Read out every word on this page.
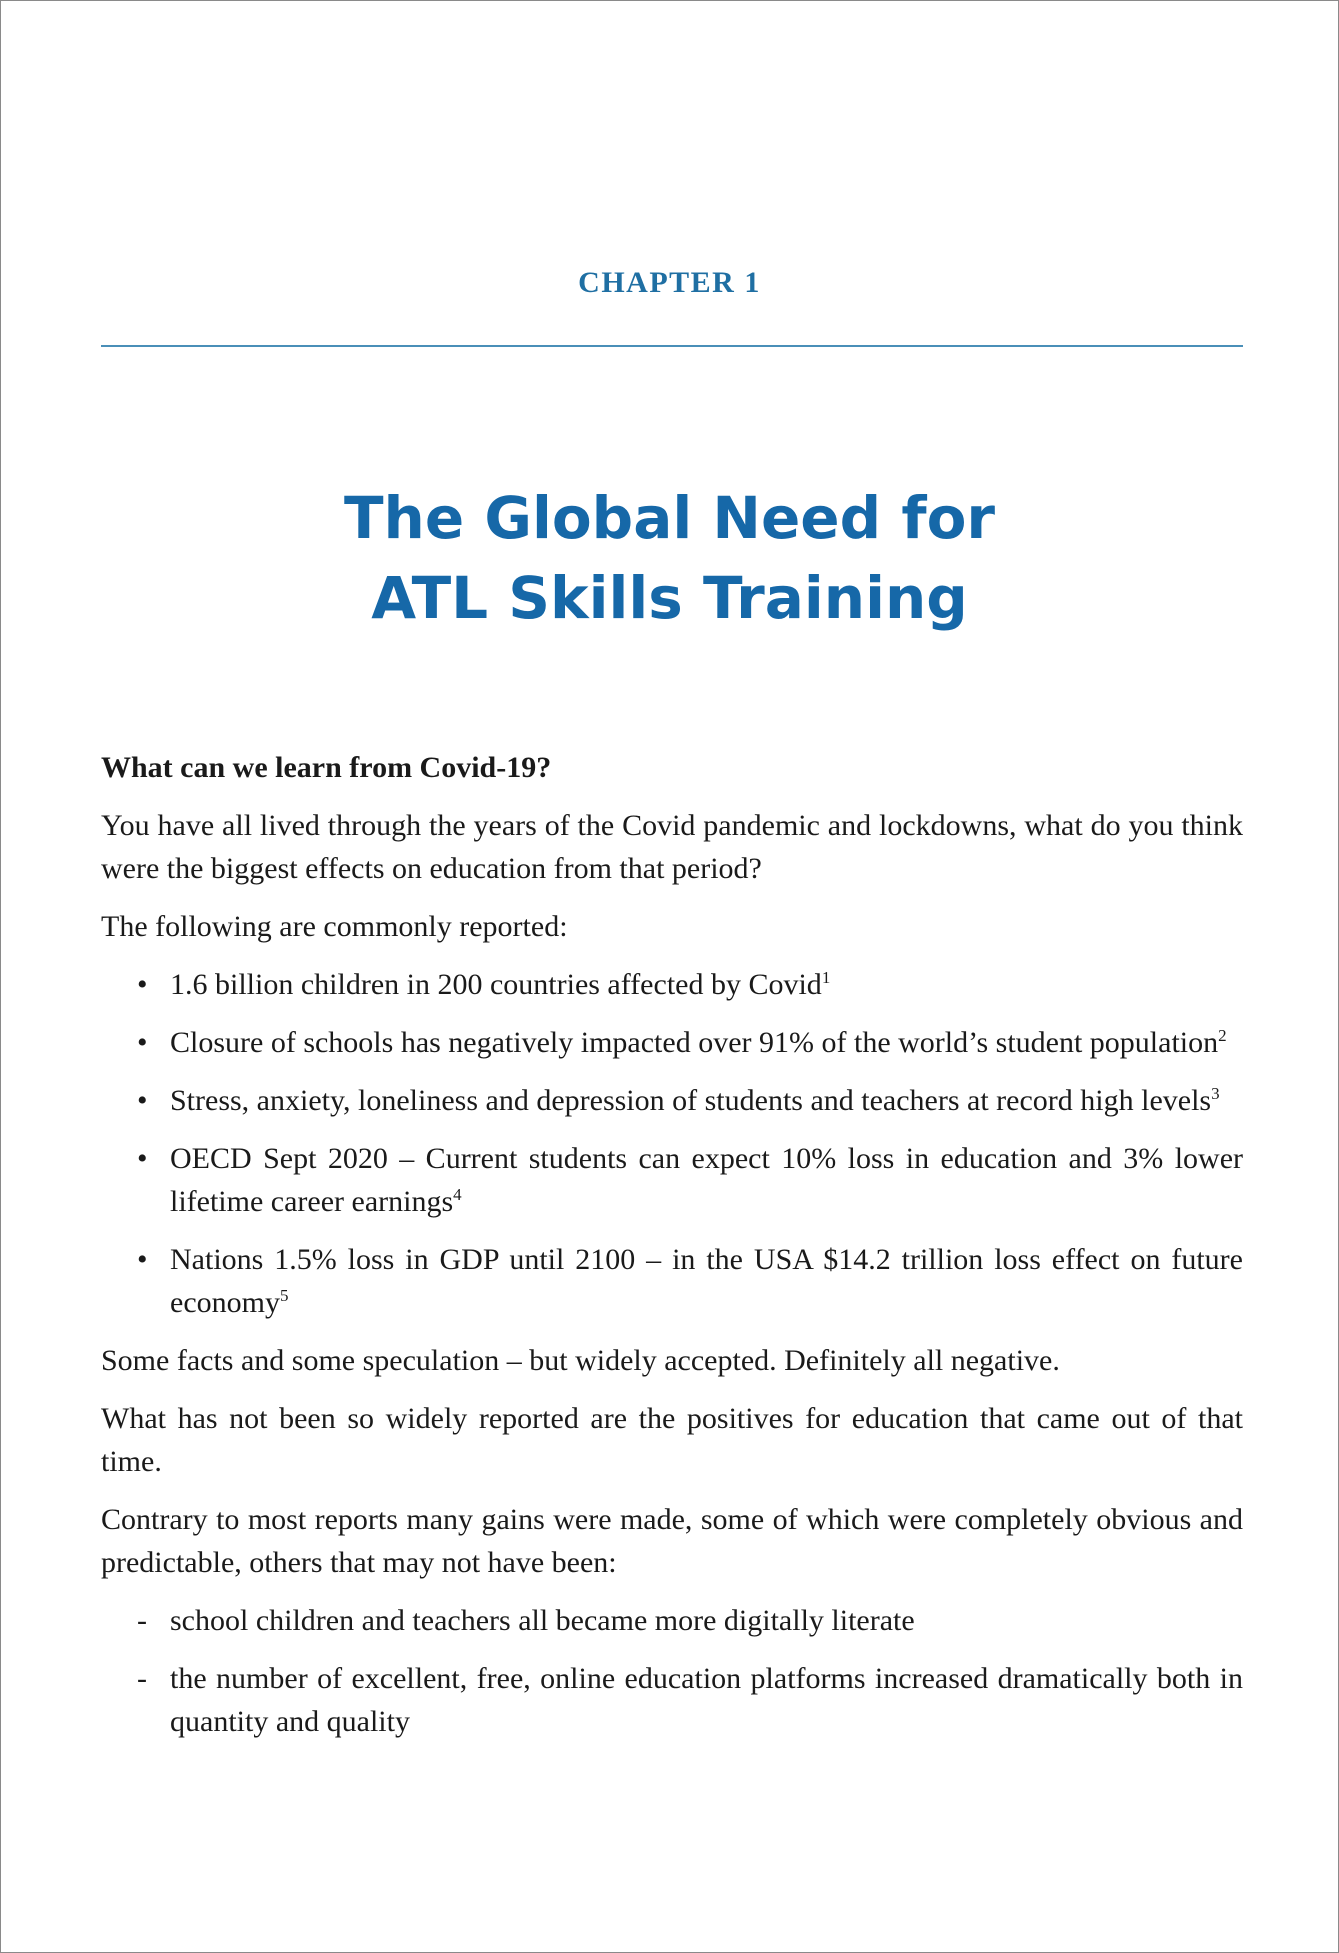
CHAPTER 1
The Global Need for
ATL Skills Training
What can we learn from Covid-19?

You have all lived through the years of the Covid pandemic and lockdowns, what do you think were the biggest effects on education from that period?

The following are commonly reported:

• 1.6 billion children in 200 countries affected by Covid$^1$
• Closure of schools has negatively impacted over 91% of the world’s student population$^2$
• Stress, anxiety, loneliness and depression of students and teachers at record high levels$^3$
• OECD Sept 2020 – Current students can expect 10% loss in education and 3% lower lifetime career earnings$^4$
• Nations 1.5% loss in GDP until 2100 – in the USA $14.2 trillion loss effect on future economy$^5$

Some facts and some speculation – but widely accepted. Definitely all negative.

What has not been so widely reported are the positives for education that came out of that time.

Contrary to most reports many gains were made, some of which were completely obvious and predictable, others that may not have been:

- school children and teachers all became more digitally literate
- the number of excellent, free, online education platforms increased dramatically both in quantity and quality
